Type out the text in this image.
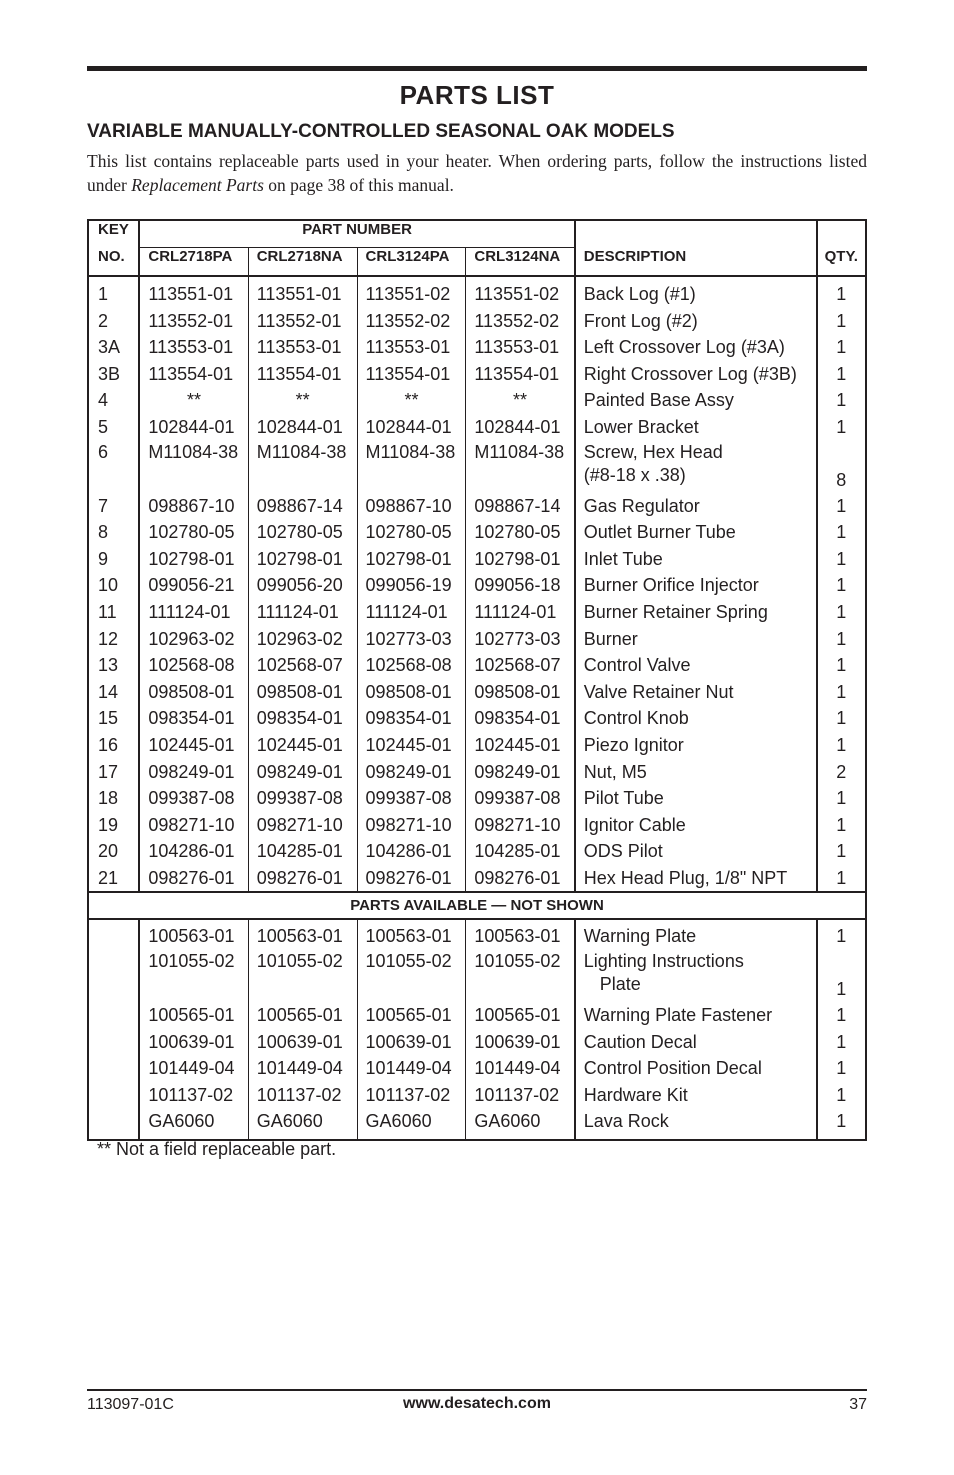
PARTS LIST
VARIABLE MANUALLY-CONTROLLED SEASONAL OAK MODELS
This list contains replaceable parts used in your heater. When ordering parts, follow the instructions listed under Replacement Parts on page 38 of this manual.
KEY	PART NUMBER					
NO.	CRL2718PA	CRL2718NA	CRL3124PA	CRL3124NA	DESCRIPTION	QTY.
1	113551-01	113551-01	113551-02	113551-02	Back Log (#1)	1
2	113552-01	113552-01	113552-02	113552-02	Front Log (#2)	1
3A	113553-01	113553-01	113553-01	113553-01	Left Crossover Log (#3A)	1
3B	113554-01	113554-01	113554-01	113554-01	Right Crossover Log (#3B)	1
4	**	**	**	**	Painted Base Assy	1
5	102844-01	102844-01	102844-01	102844-01	Lower Bracket	1
6	M11084-38	M11084-38	M11084-38	M11084-38	Screw, Hex Head
(#8-18 x .38)	8
7	098867-10	098867-14	098867-10	098867-14	Gas Regulator	1
8	102780-05	102780-05	102780-05	102780-05	Outlet Burner Tube	1
9	102798-01	102798-01	102798-01	102798-01	Inlet Tube	1
10	099056-21	099056-20	099056-19	099056-18	Burner Orifice Injector	1
11	111124-01	111124-01	111124-01	111124-01	Burner Retainer Spring	1
12	102963-02	102963-02	102773-03	102773-03	Burner	1
13	102568-08	102568-07	102568-08	102568-07	Control Valve	1
14	098508-01	098508-01	098508-01	098508-01	Valve Retainer Nut	1
15	098354-01	098354-01	098354-01	098354-01	Control Knob	1
16	102445-01	102445-01	102445-01	102445-01	Piezo Ignitor	1
17	098249-01	098249-01	098249-01	098249-01	Nut, M5	2
18	099387-08	099387-08	099387-08	099387-08	Pilot Tube	1
19	098271-10	098271-10	098271-10	098271-10	Ignitor Cable	1
20	104286-01	104285-01	104286-01	104285-01	ODS Pilot	1
21	098276-01	098276-01	098276-01	098276-01	Hex Head Plug, 1/8" NPT	1
PARTS AVAILABLE — NOT SHOWN						
	100563-01	100563-01	100563-01	100563-01	Warning Plate	1
	101055-02	101055-02	101055-02	101055-02	Lighting Instructions
Plate	1
	100565-01	100565-01	100565-01	100565-01	Warning Plate Fastener	1
	100639-01	100639-01	100639-01	100639-01	Caution Decal	1
	101449-04	101449-04	101449-04	101449-04	Control Position Decal	1
	101137-02	101137-02	101137-02	101137-02	Hardware Kit	1
	GA6060	GA6060	GA6060	GA6060	Lava Rock	1
** Not a field replaceable part.
113097-01C	www.desatech.com	37
